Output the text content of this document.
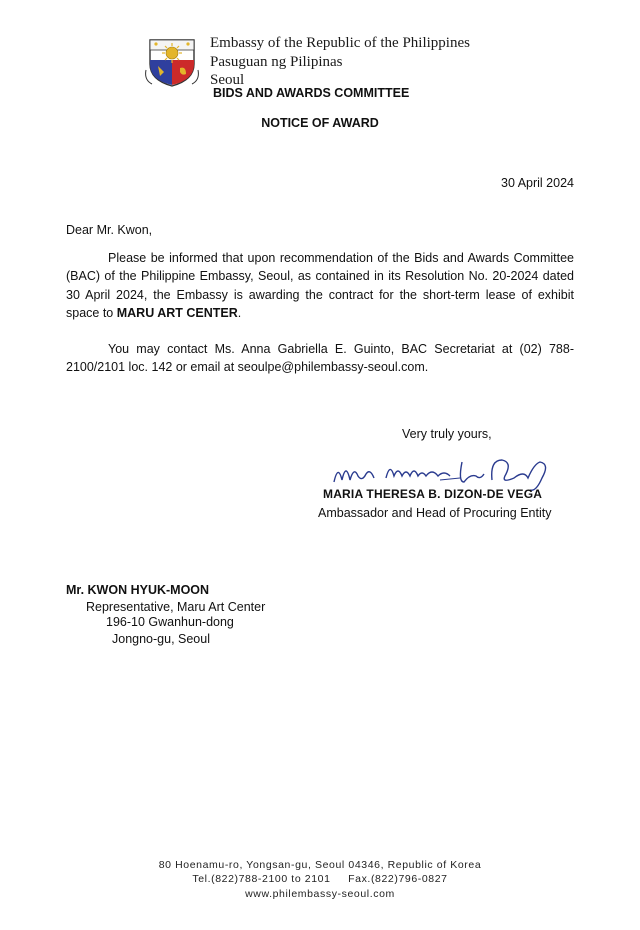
Embassy of the Republic of the Philippines
Pasuguan ng Pilipinas
Seoul
BIDS AND AWARDS COMMITTEE
NOTICE OF AWARD
30 April 2024
Dear Mr. Kwon,
Please be informed that upon recommendation of the Bids and Awards Committee (BAC) of the Philippine Embassy, Seoul, as contained in its Resolution No. 20-2024 dated 30 April 2024, the Embassy is awarding the contract for the short-term lease of exhibit space to MARU ART CENTER.
You may contact Ms. Anna Gabriella E. Guinto, BAC Secretariat at (02) 788-2100/2101 loc. 142 or email at seoulpe@philembassy-seoul.com.
Very truly yours,
MARIA THERESA B. DIZON-DE VEGA
Ambassador and Head of Procuring Entity
Mr. KWON HYUK-MOON
Representative, Maru Art Center
196-10 Gwanhun-dong
Jongno-gu, Seoul
80 Hoenamu-ro, Yongsan-gu, Seoul 04346, Republic of Korea
Tel.(822)788-2100 to 2101     Fax.(822)796-0827
www.philembassy-seoul.com
